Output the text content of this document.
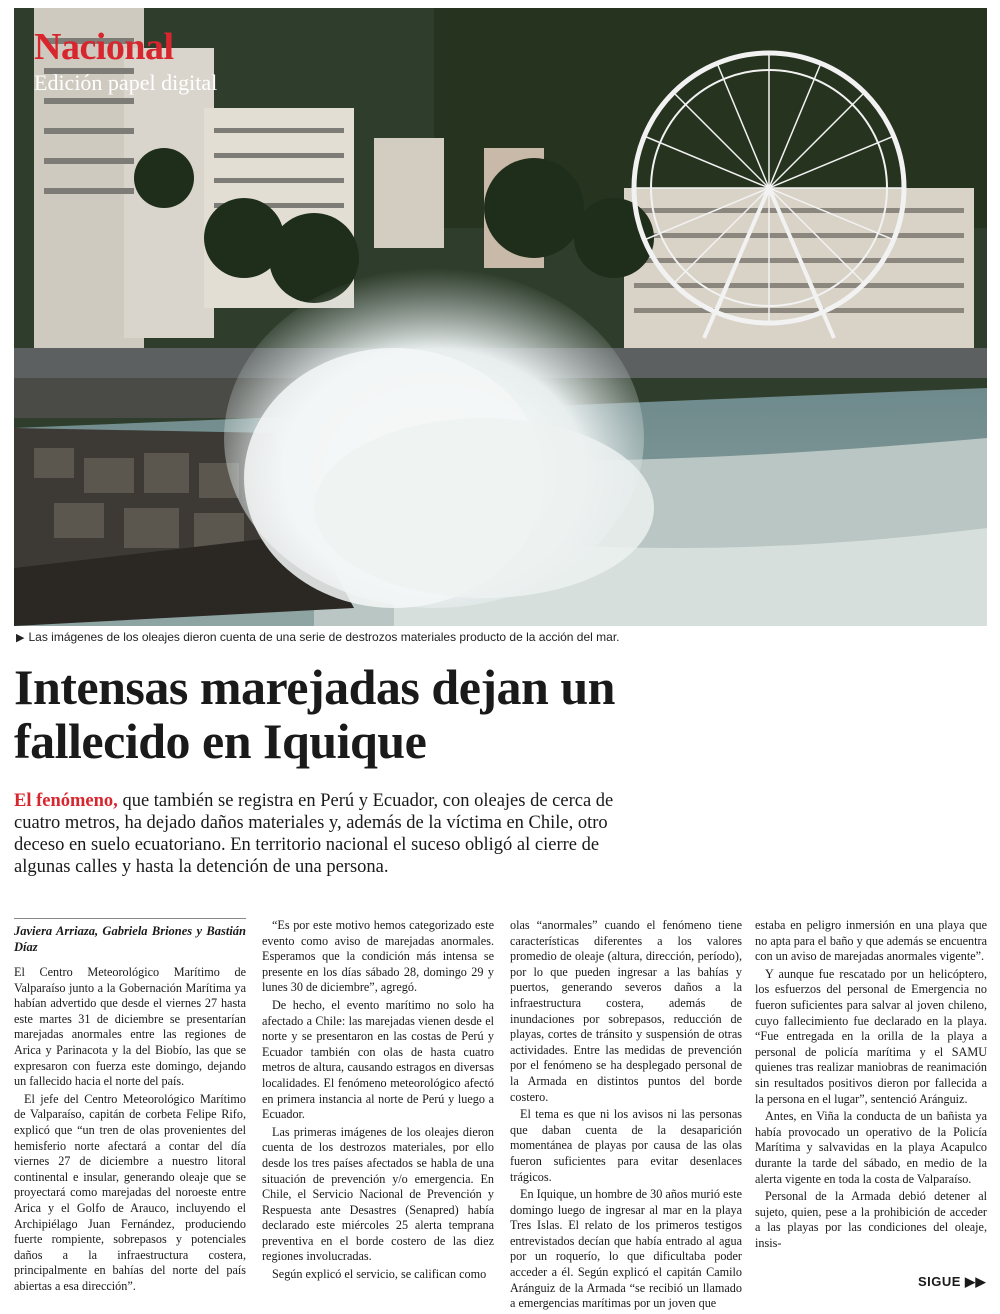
Nacional
Edición papel digital
▶ Las imágenes de los oleajes dieron cuenta de una serie de destrozos materiales producto de la acción del mar.
Intensas marejadas dejan un fallecido en Iquique

El fenómeno, que también se registra en Perú y Ecuador, con oleajes de cerca de cuatro metros, ha dejado daños materiales y, además de la víctima en Chile, otro deceso en suelo ecuatoriano. En territorio nacional el suceso obligó al cierre de algunas calles y hasta la detención de una persona.

Javiera Arriaza, Gabriela Briones y Bastián Díaz

El Centro Meteorológico Marítimo de Valparaíso junto a la Gobernación Marítima ya habían advertido que desde el viernes 27 hasta este martes 31 de diciembre se presentarían marejadas anormales entre las regiones de Arica y Parinacota y la del Biobío, las que se expresaron con fuerza este domingo, dejando un fallecido hacia el norte del país.

El jefe del Centro Meteorológico Marítimo de Valparaíso, capitán de corbeta Felipe Rifo, explicó que “un tren de olas provenientes del hemisferio norte afectará a contar del día viernes 27 de diciembre a nuestro litoral continental e insular, generando oleaje que se proyectará como marejadas del noroeste entre Arica y el Golfo de Arauco, incluyendo el Archipiélago Juan Fernández, produciendo fuerte rompiente, sobrepasos y potenciales daños a la infraestructura costera, principalmente en bahías del norte del país abiertas a esa dirección”.

“Es por este motivo hemos categorizado este evento como aviso de marejadas anormales. Esperamos que la condición más intensa se presente en los días sábado 28, domingo 29 y lunes 30 de diciembre”, agregó.

De hecho, el evento marítimo no solo ha afectado a Chile: las marejadas vienen desde el norte y se presentaron en las costas de Perú y Ecuador también con olas de hasta cuatro metros de altura, causando estragos en diversas localidades. El fenómeno meteorológico afectó en primera instancia al norte de Perú y luego a Ecuador.

Las primeras imágenes de los oleajes dieron cuenta de los destrozos materiales, por ello desde los tres países afectados se habla de una situación de prevención y/o emergencia. En Chile, el Servicio Nacional de Prevención y Respuesta ante Desastres (Senapred) había declarado este miércoles 25 alerta temprana preventiva en el borde costero de las diez regiones involucradas.

Según explicó el servicio, se califican como

olas “anormales” cuando el fenómeno tiene características diferentes a los valores promedio de oleaje (altura, dirección, período), por lo que pueden ingresar a las bahías y puertos, generando severos daños a la infraestructura costera, además de inundaciones por sobrepasos, reducción de playas, cortes de tránsito y suspensión de otras actividades. Entre las medidas de prevención por el fenómeno se ha desplegado personal de la Armada en distintos puntos del borde costero.

El tema es que ni los avisos ni las personas que daban cuenta de la desaparición momentánea de playas por causa de las olas fueron suficientes para evitar desenlaces trágicos.

En Iquique, un hombre de 30 años murió este domingo luego de ingresar al mar en la playa Tres Islas. El relato de los primeros testigos entrevistados decían que había entrado al agua por un roquerío, lo que dificultaba poder acceder a él. Según explicó el capitán Camilo Aránguiz de la Armada “se recibió un llamado a emergencias marítimas por un joven que

estaba en peligro inmersión en una playa que no apta para el baño y que además se encuentra con un aviso de marejadas anormales vigente”.

Y aunque fue rescatado por un helicóptero, los esfuerzos del personal de Emergencia no fueron suficientes para salvar al joven chileno, cuyo fallecimiento fue declarado en la playa. “Fue entregada en la orilla de la playa a personal de policía marítima y el SAMU quienes tras realizar maniobras de reanimación sin resultados positivos dieron por fallecida a la persona en el lugar”, sentenció Aránguiz.

Antes, en Viña la conducta de un bañista ya había provocado un operativo de la Policía Marítima y salvavidas en la playa Acapulco durante la tarde del sábado, en medio de la alerta vigente en toda la costa de Valparaíso.

Personal de la Armada debió detener al sujeto, quien, pese a la prohibición de acceder a las playas por las condiciones del oleaje, insis-

SIGUE ▶▶
